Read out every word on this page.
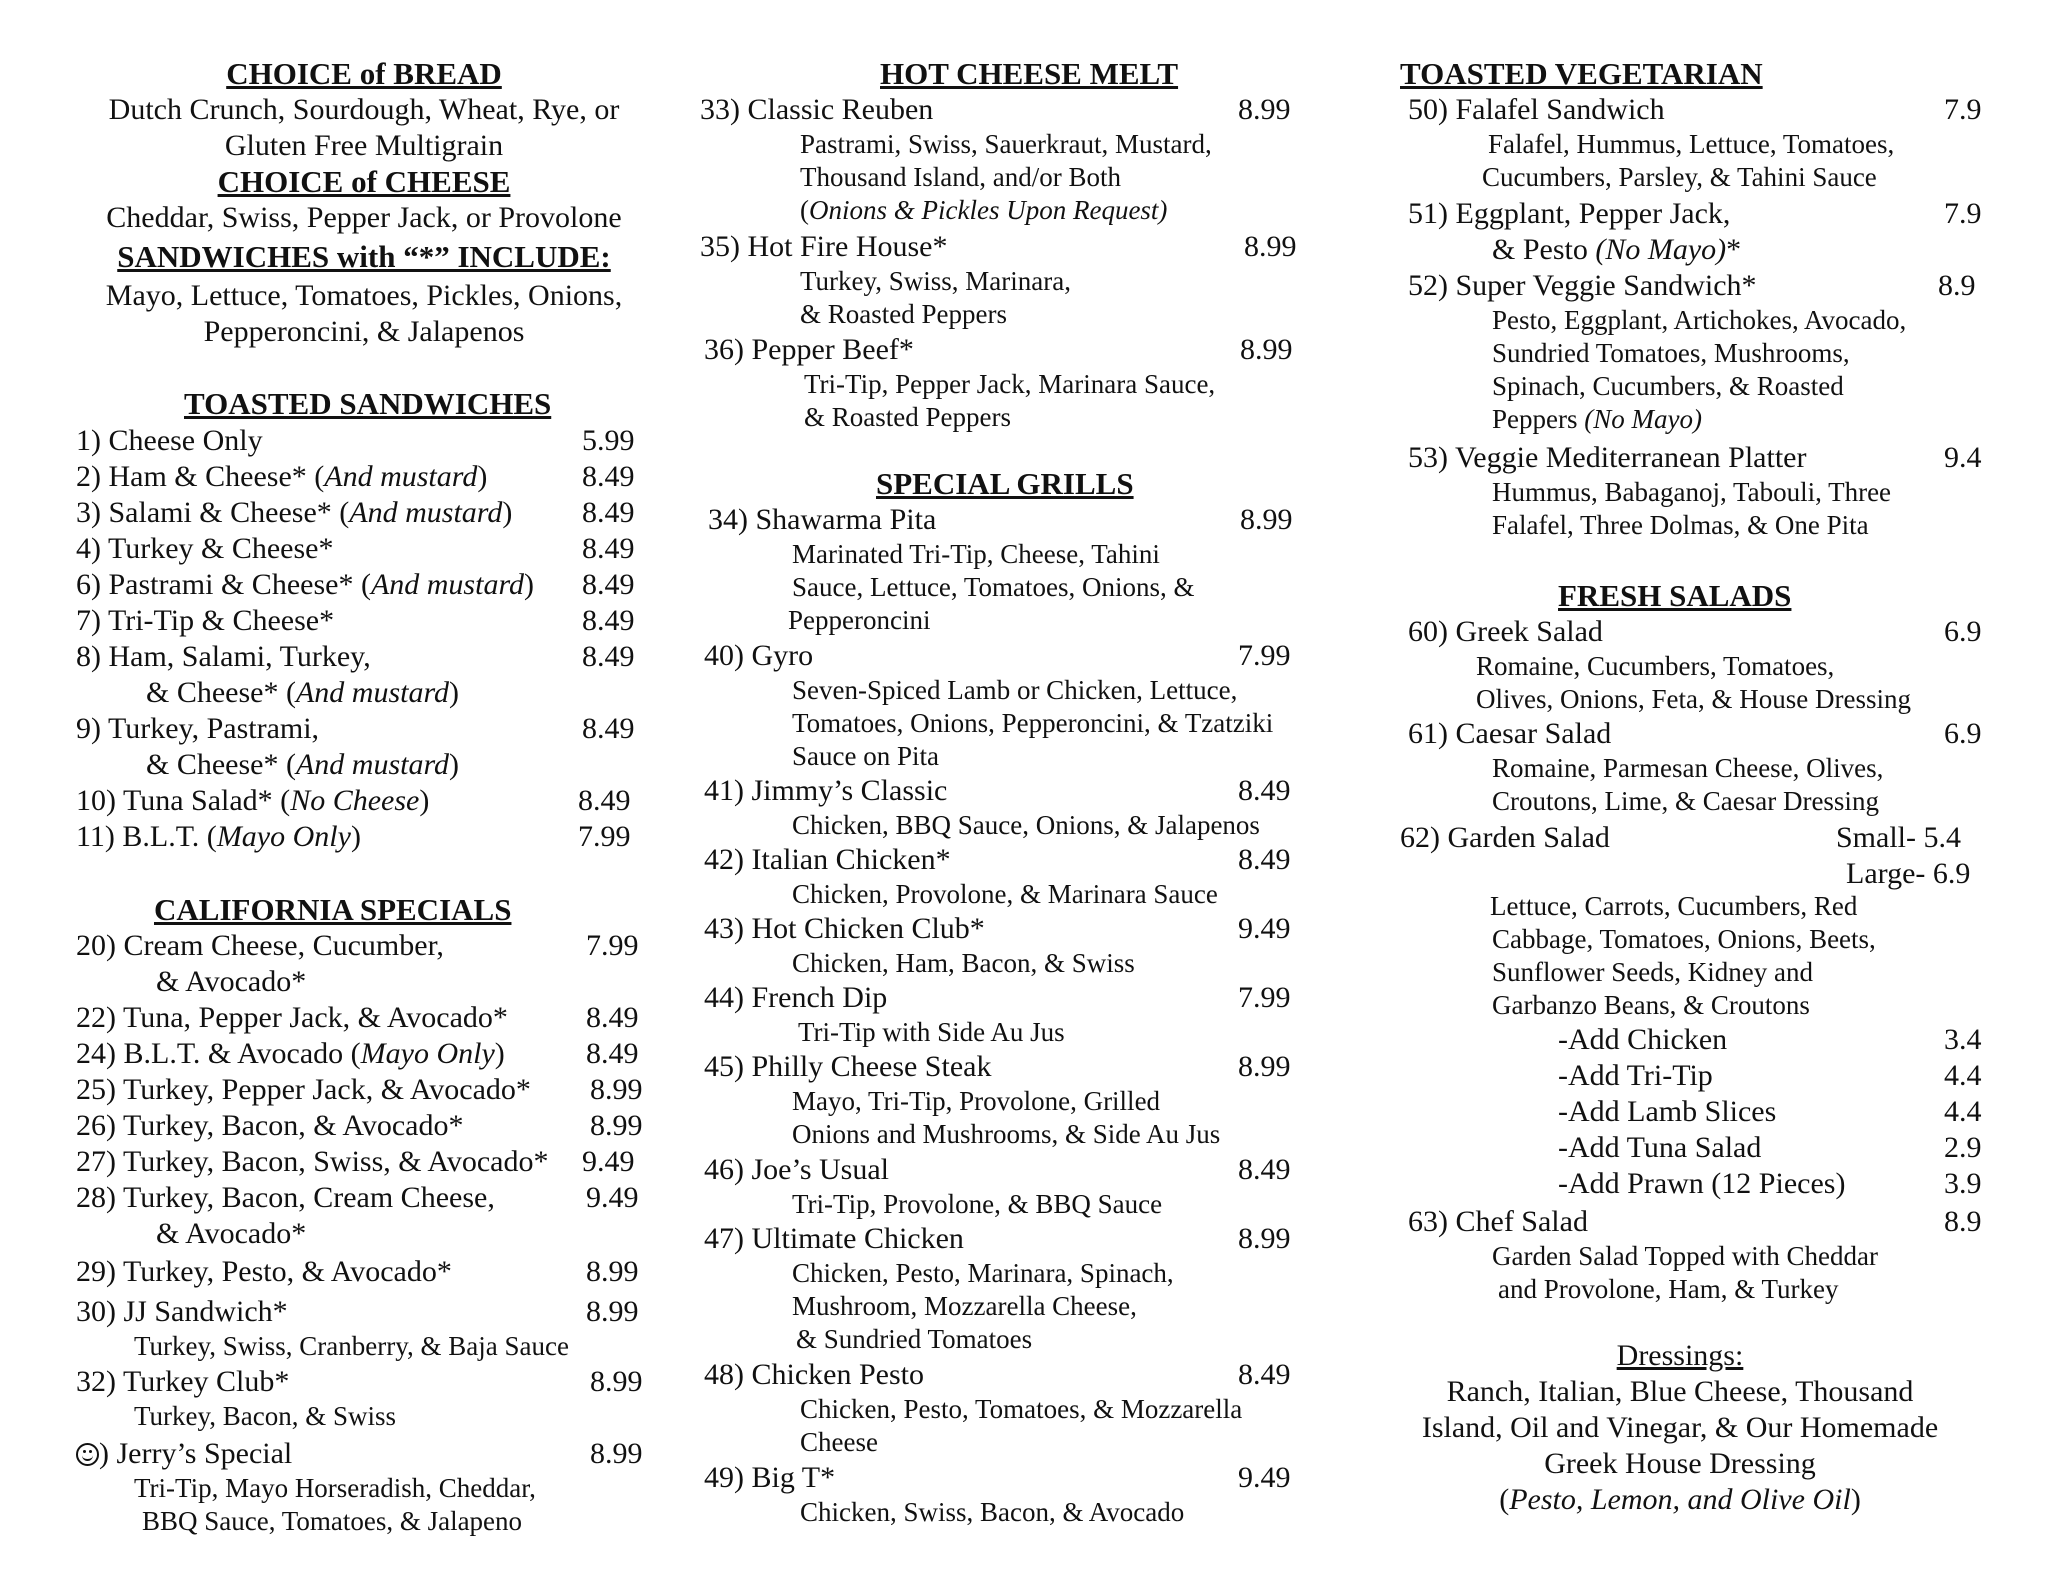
CHOICE of BREAD
Dutch Crunch, Sourdough, Wheat, Rye, or
Gluten Free Multigrain
CHOICE of CHEESE
Cheddar, Swiss, Pepper Jack, or Provolone
SANDWICHES with “*” INCLUDE:
Mayo, Lettuce, Tomatoes, Pickles, Onions,
Pepperoncini, & Jalapenos
TOASTED SANDWICHES
1) Cheese Only	5.99
2) Ham & Cheese* (And mustard)	8.49
3) Salami & Cheese* (And mustard) 8.49
4) Turkey & Cheese*	8.49
6) Pastrami & Cheese* (And mustard) 8.49
7) Tri-Tip & Cheese*	8.49
8) Ham, Salami, Turkey,	8.49
& Cheese* (And mustard)
9) Turkey, Pastrami,	8.49
& Cheese* (And mustard)
10) Tuna Salad* (No Cheese)	8.49
11) B.L.T. (Mayo Only)	7.99
CALIFORNIA SPECIALS
20) Cream Cheese, Cucumber,	7.99
& Avocado*
22) Tuna, Pepper Jack, & Avocado*	8.49
24) B.L.T. & Avocado (Mayo Only)	8.49
25) Turkey, Pepper Jack, & Avocado* 8.99
26) Turkey, Bacon, & Avocado*	8.99
27) Turkey, Bacon, Swiss, & Avocado* 9.49
28) Turkey, Bacon, Cream Cheese,	9.49
& Avocado*
29) Turkey, Pesto, & Avocado*	8.99
30) JJ Sandwich*	8.99
Turkey, Swiss, Cranberry, & Baja Sauce
32) Turkey Club*	8.99
Turkey, Bacon, & Swiss
) Jerry’s Special	8.99
Tri-Tip, Mayo Horseradish, Cheddar,
BBQ Sauce, Tomatoes, & Jalapeno
HOT CHEESE MELT
33) Classic Reuben	8.99
Pastrami, Swiss, Sauerkraut, Mustard,
Thousand Island, and/or Both
(Onions & Pickles Upon Request)
35) Hot Fire House*	8.99
Turkey, Swiss, Marinara,
& Roasted Peppers
36) Pepper Beef*	8.99
Tri-Tip, Pepper Jack, Marinara Sauce,
& Roasted Peppers
SPECIAL GRILLS
34) Shawarma Pita	8.99
Marinated Tri-Tip, Cheese, Tahini
Sauce, Lettuce, Tomatoes, Onions, &
Pepperoncini
40) Gyro	7.99
Seven-Spiced Lamb or Chicken, Lettuce,
Tomatoes, Onions, Pepperoncini, & Tzatziki
Sauce on Pita
41) Jimmy’s Classic	8.49
Chicken, BBQ Sauce, Onions, & Jalapenos
42) Italian Chicken*	8.49
Chicken, Provolone, & Marinara Sauce
43) Hot Chicken Club*	9.49
Chicken, Ham, Bacon, & Swiss
44) French Dip	7.99
Tri-Tip with Side Au Jus
45) Philly Cheese Steak	8.99
Mayo, Tri-Tip, Provolone, Grilled
Onions and Mushrooms, & Side Au Jus
46) Joe’s Usual	8.49
Tri-Tip, Provolone, & BBQ Sauce
47) Ultimate Chicken	8.99
Chicken, Pesto, Marinara, Spinach,
Mushroom, Mozzarella Cheese,
& Sundried Tomatoes
48) Chicken Pesto	8.49
Chicken, Pesto, Tomatoes, & Mozzarella
Cheese
49) Big T*	9.49
Chicken, Swiss, Bacon, & Avocado
TOASTED VEGETARIAN
50) Falafel Sandwich	7.9
Falafel, Hummus, Lettuce, Tomatoes,
Cucumbers, Parsley, & Tahini Sauce
51) Eggplant, Pepper Jack,	7.9
& Pesto (No Mayo)*
52) Super Veggie Sandwich*	8.9
Pesto, Eggplant, Artichokes, Avocado,
Sundried Tomatoes, Mushrooms,
Spinach, Cucumbers, & Roasted
Peppers (No Mayo)
53) Veggie Mediterranean Platter	9.4
Hummus, Babaganoj, Tabouli, Three
Falafel, Three Dolmas, & One Pita
FRESH SALADS
60) Greek Salad	6.9
Romaine, Cucumbers, Tomatoes,
Olives, Onions, Feta, & House Dressing
61) Caesar Salad	6.9
Romaine, Parmesan Cheese, Olives,
Croutons, Lime, & Caesar Dressing
62) Garden Salad	Small- 5.4
Large- 6.9
Lettuce, Carrots, Cucumbers, Red
Cabbage, Tomatoes, Onions, Beets,
Sunflower Seeds, Kidney and
Garbanzo Beans, & Croutons
-Add Chicken	3.4
-Add Tri-Tip	4.4
-Add Lamb Slices	4.4
-Add Tuna Salad	2.9
-Add Prawn (12 Pieces)	3.9
63) Chef Salad	8.9
Garden Salad Topped with Cheddar
and Provolone, Ham, & Turkey
Dressings:
Ranch, Italian, Blue Cheese, Thousand
Island, Oil and Vinegar, & Our Homemade
Greek House Dressing
(Pesto, Lemon, and Olive Oil)
